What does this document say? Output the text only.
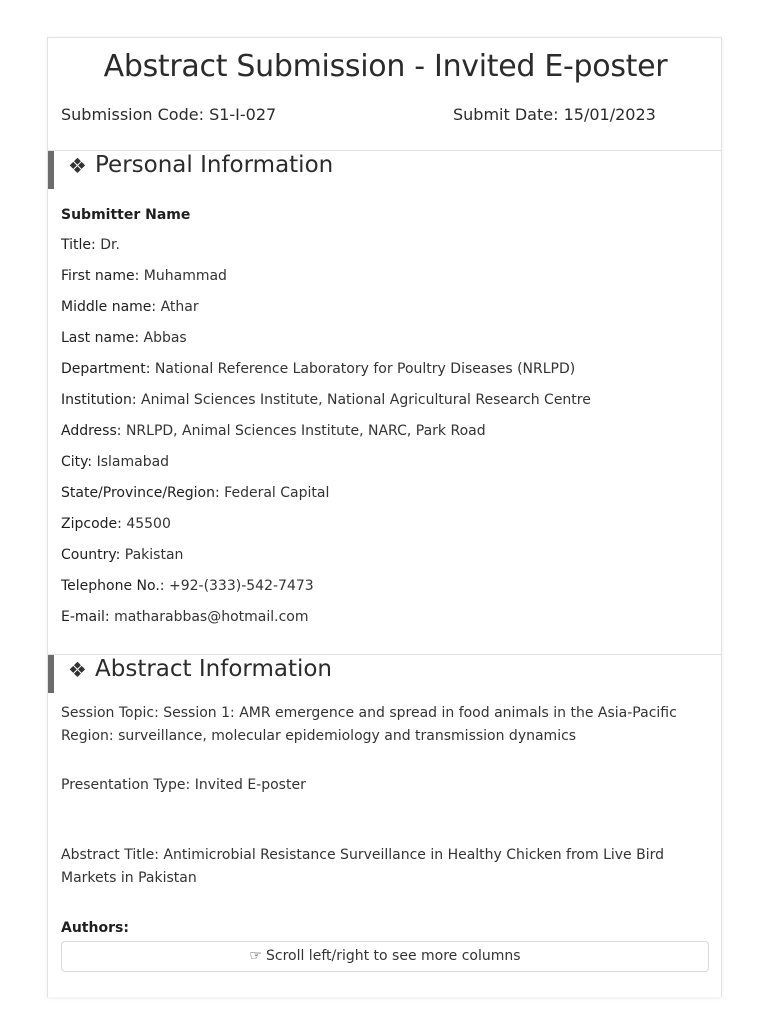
Abstract Submission - Invited E-poster
Submission Code: S1-I-027	Submit Date: 15/01/2023
❖ Personal Information
Submitter Name
Title : Dr.
First name : Muhammad
Middle name : Athar
Last name : Abbas
Department : National Reference Laboratory for Poultry Diseases (NRLPD)
Institution : Animal Sciences Institute, National Agricultural Research Centre
Address : NRLPD, Animal Sciences Institute, NARC, Park Road
City : Islamabad
State/Province/Region : Federal Capital
Zipcode : 45500
Country : Pakistan
Telephone No. : +92-(333)-542-7473
E-mail : matharabbas@hotmail.com
❖ Abstract Information
Session Topic : Session 1: AMR emergence and spread in food animals in the Asia-Pacific Region: surveillance, molecular epidemiology and transmission dynamics
Presentation Type : Invited E-poster
Abstract Title : Antimicrobial Resistance Surveillance in Healthy Chicken from Live Bird Markets in Pakistan
Authors:
☞ Scroll left/right to see more columns
